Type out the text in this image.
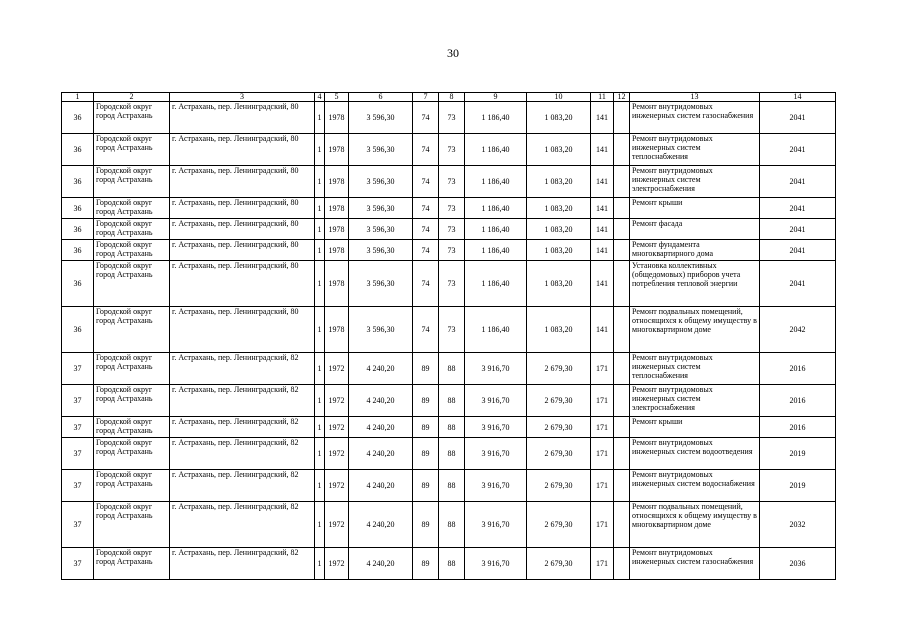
30
1	2	3	4	5	6	7	8	9	10	11	12	13	14
36	Городской округ город Астрахань	г. Астрахань, пер. Ленинградский, 80	1	1978	3 596,30	74	73	1 186,40	1 083,20	141		Ремонт внутридомовых инженерных систем газоснабжения	2041
36	Городской округ город Астрахань	г. Астрахань, пер. Ленинградский, 80	1	1978	3 596,30	74	73	1 186,40	1 083,20	141		Ремонт внутридомовых инженерных систем теплоснабжения	2041
36	Городской округ город Астрахань	г. Астрахань, пер. Ленинградский, 80	1	1978	3 596,30	74	73	1 186,40	1 083,20	141		Ремонт внутридомовых инженерных систем электроснабжения	2041
36	Городской округ город Астрахань	г. Астрахань, пер. Ленинградский, 80	1	1978	3 596,30	74	73	1 186,40	1 083,20	141		Ремонт крыши	2041
36	Городской округ город Астрахань	г. Астрахань, пер. Ленинградский, 80	1	1978	3 596,30	74	73	1 186,40	1 083,20	141		Ремонт фасада	2041
36	Городской округ город Астрахань	г. Астрахань, пер. Ленинградский, 80	1	1978	3 596,30	74	73	1 186,40	1 083,20	141		Ремонт фундамента многоквартирного дома	2041
36	Городской округ город Астрахань	г. Астрахань, пер. Ленинградский, 80	1	1978	3 596,30	74	73	1 186,40	1 083,20	141		Установка коллективных (общедомовых) приборов учета потребления тепловой энергии	2041
36	Городской округ город Астрахань	г. Астрахань, пер. Ленинградский, 80	1	1978	3 596,30	74	73	1 186,40	1 083,20	141		Ремонт подвальных помещений, относящихся к общему имуществу в многоквартирном доме	2042
37	Городской округ город Астрахань	г. Астрахань, пер. Ленинградский, 82	1	1972	4 240,20	89	88	3 916,70	2 679,30	171		Ремонт внутридомовых инженерных систем теплоснабжения	2016
37	Городской округ город Астрахань	г. Астрахань, пер. Ленинградский, 82	1	1972	4 240,20	89	88	3 916,70	2 679,30	171		Ремонт внутридомовых инженерных систем электроснабжения	2016
37	Городской округ город Астрахань	г. Астрахань, пер. Ленинградский, 82	1	1972	4 240,20	89	88	3 916,70	2 679,30	171		Ремонт крыши	2016
37	Городской округ город Астрахань	г. Астрахань, пер. Ленинградский, 82	1	1972	4 240,20	89	88	3 916,70	2 679,30	171		Ремонт внутридомовых инженерных систем водоотведения	2019
37	Городской округ город Астрахань	г. Астрахань, пер. Ленинградский, 82	1	1972	4 240,20	89	88	3 916,70	2 679,30	171		Ремонт внутридомовых инженерных систем водоснабжения	2019
37	Городской округ город Астрахань	г. Астрахань, пер. Ленинградский, 82	1	1972	4 240,20	89	88	3 916,70	2 679,30	171		Ремонт подвальных помещений, относящихся к общему имуществу в многоквартирном доме	2032
37	Городской округ город Астрахань	г. Астрахань, пер. Ленинградский, 82	1	1972	4 240,20	89	88	3 916,70	2 679,30	171		Ремонт внутридомовых инженерных систем газоснабжения	2036
